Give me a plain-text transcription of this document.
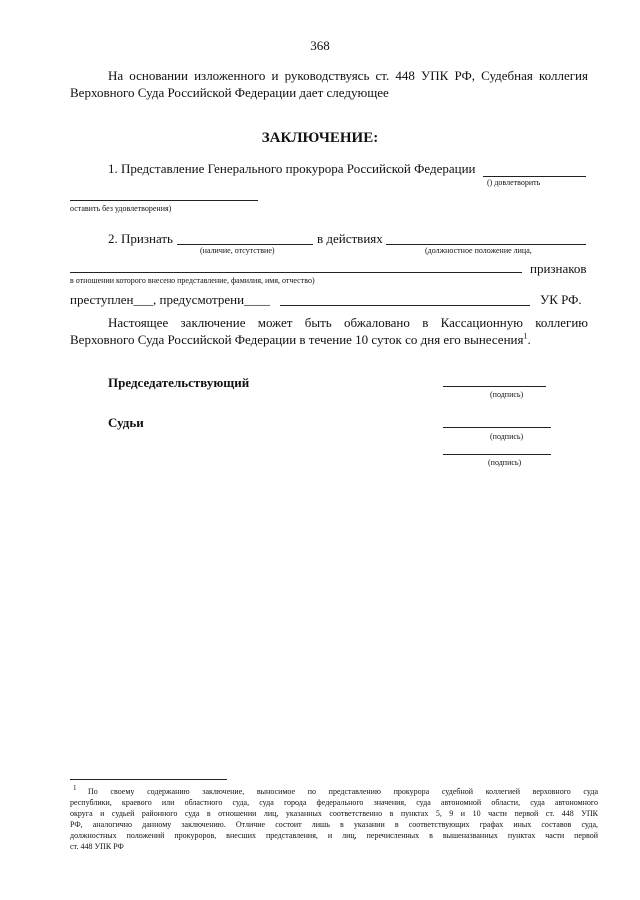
368
На основании изложенного и руководствуясь ст. 448 УПК РФ, Судебная коллегия
Верховного Суда Российской Федерации дает следующее
ЗАКЛЮЧЕНИЕ:
1. Представление Генерального прокурора Российской Федерации
() довлетворить
оставить без удовлетворения)
2. Признать	в действиях
(наличие, отсутствие)	(должностное положение лица,
признаков
в отношении которого внесено представление, фамилия, имя, отчество)
преступлен___, предусмотрени____	УК РФ.
Настоящее заключение может быть обжаловано в Кассационную коллегию
Верховного Суда Российской Федерации в течение 10 суток со дня его вынесения$^1$.
Председательствующий
(подпись)
Судьи
(подпись)
(подпись)
1 По своему содержанию заключение, выносимое по представлению прокурора судебной коллегией верховного суда
республики, краевого или областного суда, суда города федерального значения, суда автономной области, суда автономного
округа и судьей районного суда в отношении лиц, указанных соответственно в пунктах 5, 9 и 10 части первой ст. 448 УПК
РФ, аналогично данному заключению. Отличие состоит лишь в указании в соответствующих графах иных составов суда,
должностных положений прокуроров, внесших представления, и лиц, перечисленных в вышеназванных пунктах части первой
ст. 448 УПК РФ
